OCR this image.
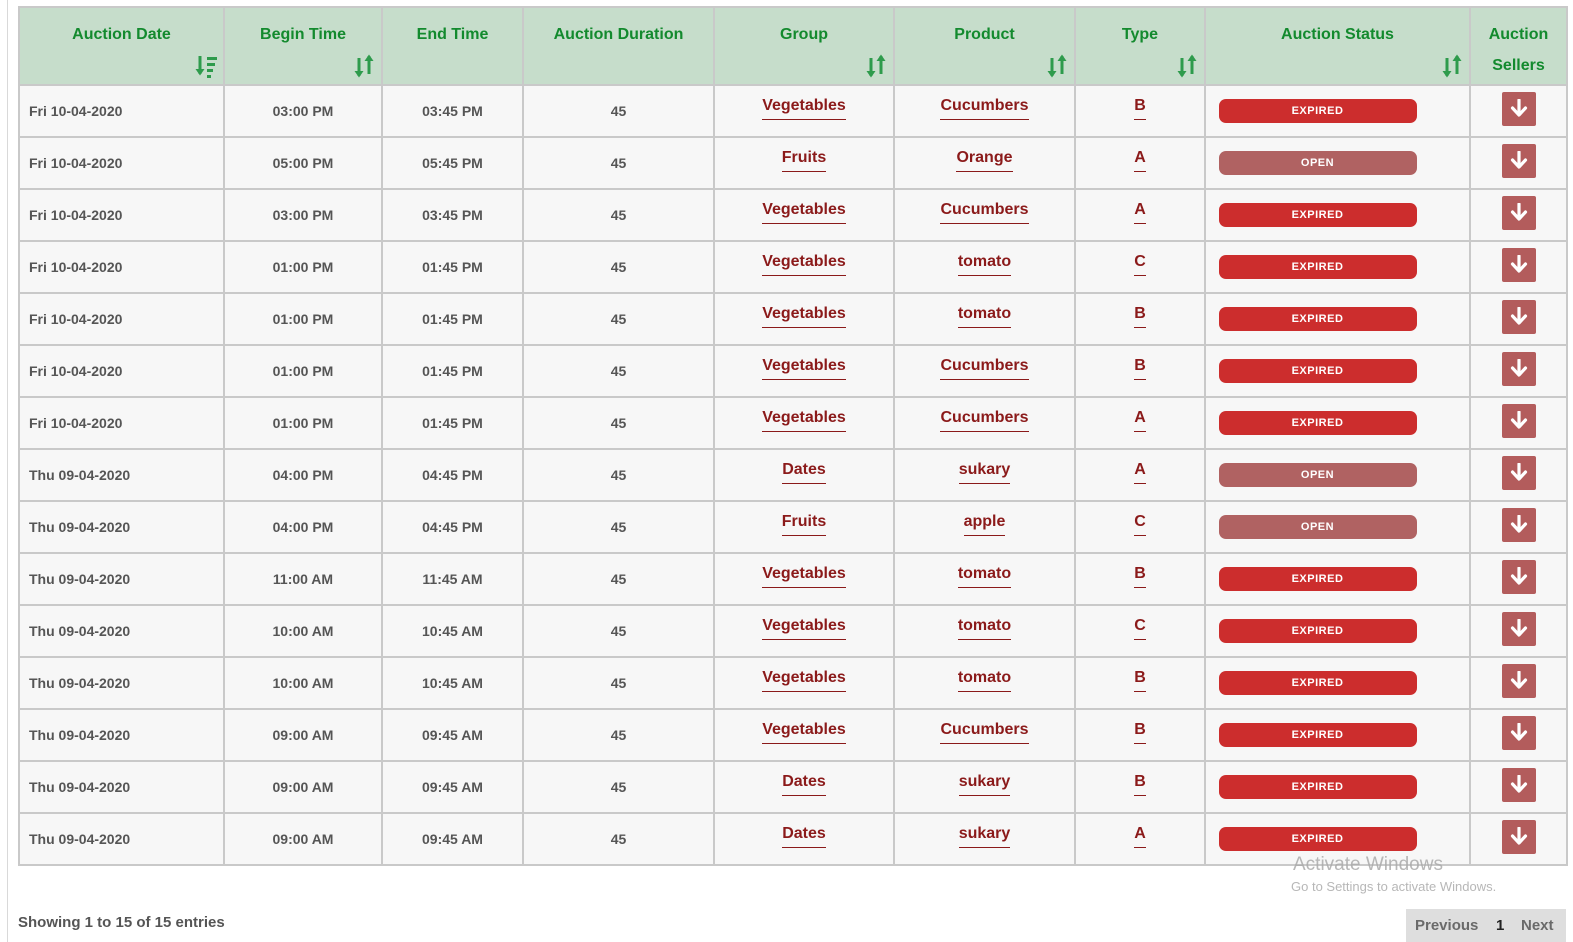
Auction Date	Begin Time	End Time	Auction Duration	Group	Product	Type	Auction Status	Auction
Sellers

Fri 10-04-2020	03:00 PM	03:45 PM	45	Vegetables	Cucumbers	B	EXPIRED	

Fri 10-04-2020	05:00 PM	05:45 PM	45	Fruits	Orange	A	OPEN	

Fri 10-04-2020	03:00 PM	03:45 PM	45	Vegetables	Cucumbers	A	EXPIRED	

Fri 10-04-2020	01:00 PM	01:45 PM	45	Vegetables	tomato	C	EXPIRED	

Fri 10-04-2020	01:00 PM	01:45 PM	45	Vegetables	tomato	B	EXPIRED	

Fri 10-04-2020	01:00 PM	01:45 PM	45	Vegetables	Cucumbers	B	EXPIRED	

Fri 10-04-2020	01:00 PM	01:45 PM	45	Vegetables	Cucumbers	A	EXPIRED	

Thu 09-04-2020	04:00 PM	04:45 PM	45	Dates	sukary	A	OPEN	

Thu 09-04-2020	04:00 PM	04:45 PM	45	Fruits	apple	C	OPEN	

Thu 09-04-2020	11:00 AM	11:45 AM	45	Vegetables	tomato	B	EXPIRED	

Thu 09-04-2020	10:00 AM	10:45 AM	45	Vegetables	tomato	C	EXPIRED	

Thu 09-04-2020	10:00 AM	10:45 AM	45	Vegetables	tomato	B	EXPIRED	

Thu 09-04-2020	09:00 AM	09:45 AM	45	Vegetables	Cucumbers	B	EXPIRED	

Thu 09-04-2020	09:00 AM	09:45 AM	45	Dates	sukary	B	EXPIRED	

Thu 09-04-2020	09:00 AM	09:45 AM	45	Dates	sukary	A	EXPIRED	
Showing 1 to 15 of 15 entries	Previous 1 Next
Activate Windows
Go to Settings to activate Windows.
